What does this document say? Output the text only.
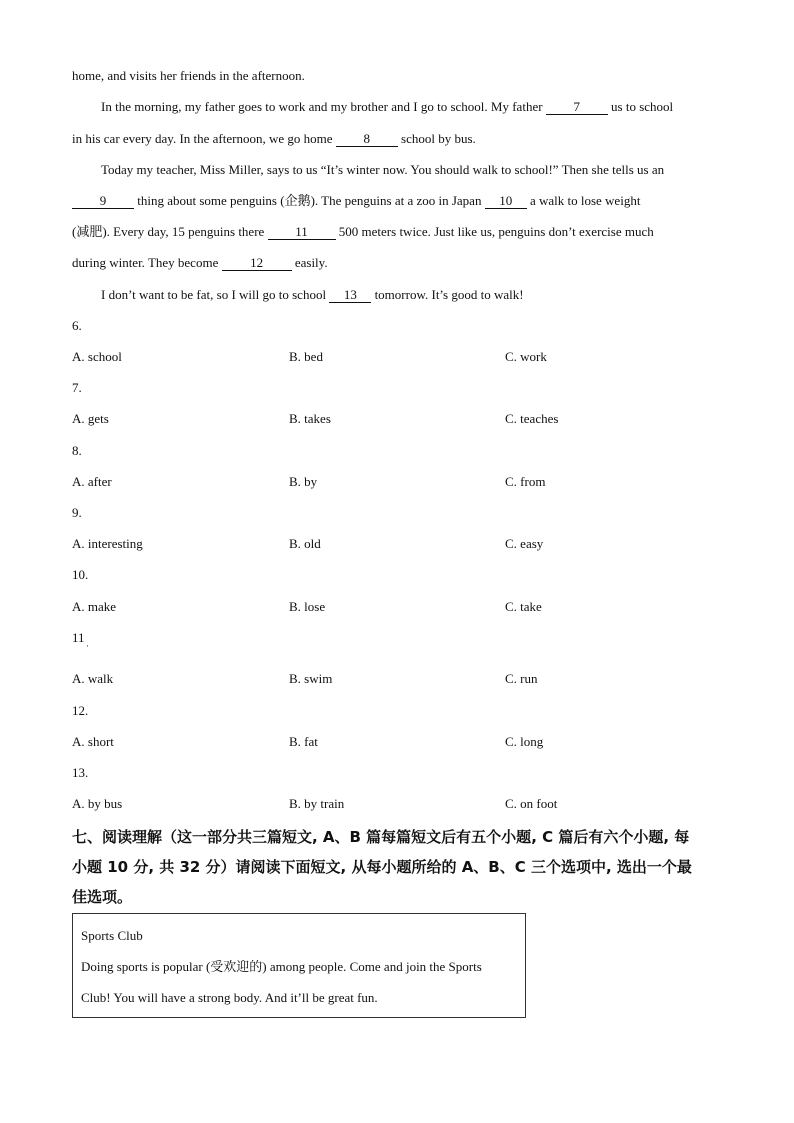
home, and visits her friends in the afternoon.
In the morning, my father goes to work and my brother and I go to school. My father 7 us to school
in his car every day. In the afternoon, we go home 8 school by bus.
Today my teacher, Miss Miller, says to us “It’s winter now. You should walk to school!” Then she tells us an
9 thing about some penguins (企鹅). The penguins at a zoo in Japan 10 a walk to lose weight
(减肥). Every day, 15 penguins there 11 500 meters twice. Just like us, penguins don’t exercise much
during winter. They become 12 easily.
I don’t want to be fat, so I will go to school 13 tomorrow. It’s good to walk!
6.
A. school	B. bed	C. work
7.
A. gets	B. takes	C. teaches
8.
A. after	B. by	C. from
9.
A. interesting	B. old	C. easy
10.
A. make	B. lose	C. take
11
·
A. walk	B. swim	C. run
12.
A. short	B. fat	C. long
13.
A. by bus	B. by train	C. on foot
七、阅读理解（这一部分共三篇短文, A、B 篇每篇短文后有五个小题, C 篇后有六个小题, 每
小题 10 分, 共 32 分）请阅读下面短文, 从每小题所给的 A、B、C 三个选项中, 选出一个最
佳选项。
Sports Club
Doing sports is popular (受欢迎的) among people. Come and join the Sports
Club! You will have a strong body. And it’ll be great fun.
